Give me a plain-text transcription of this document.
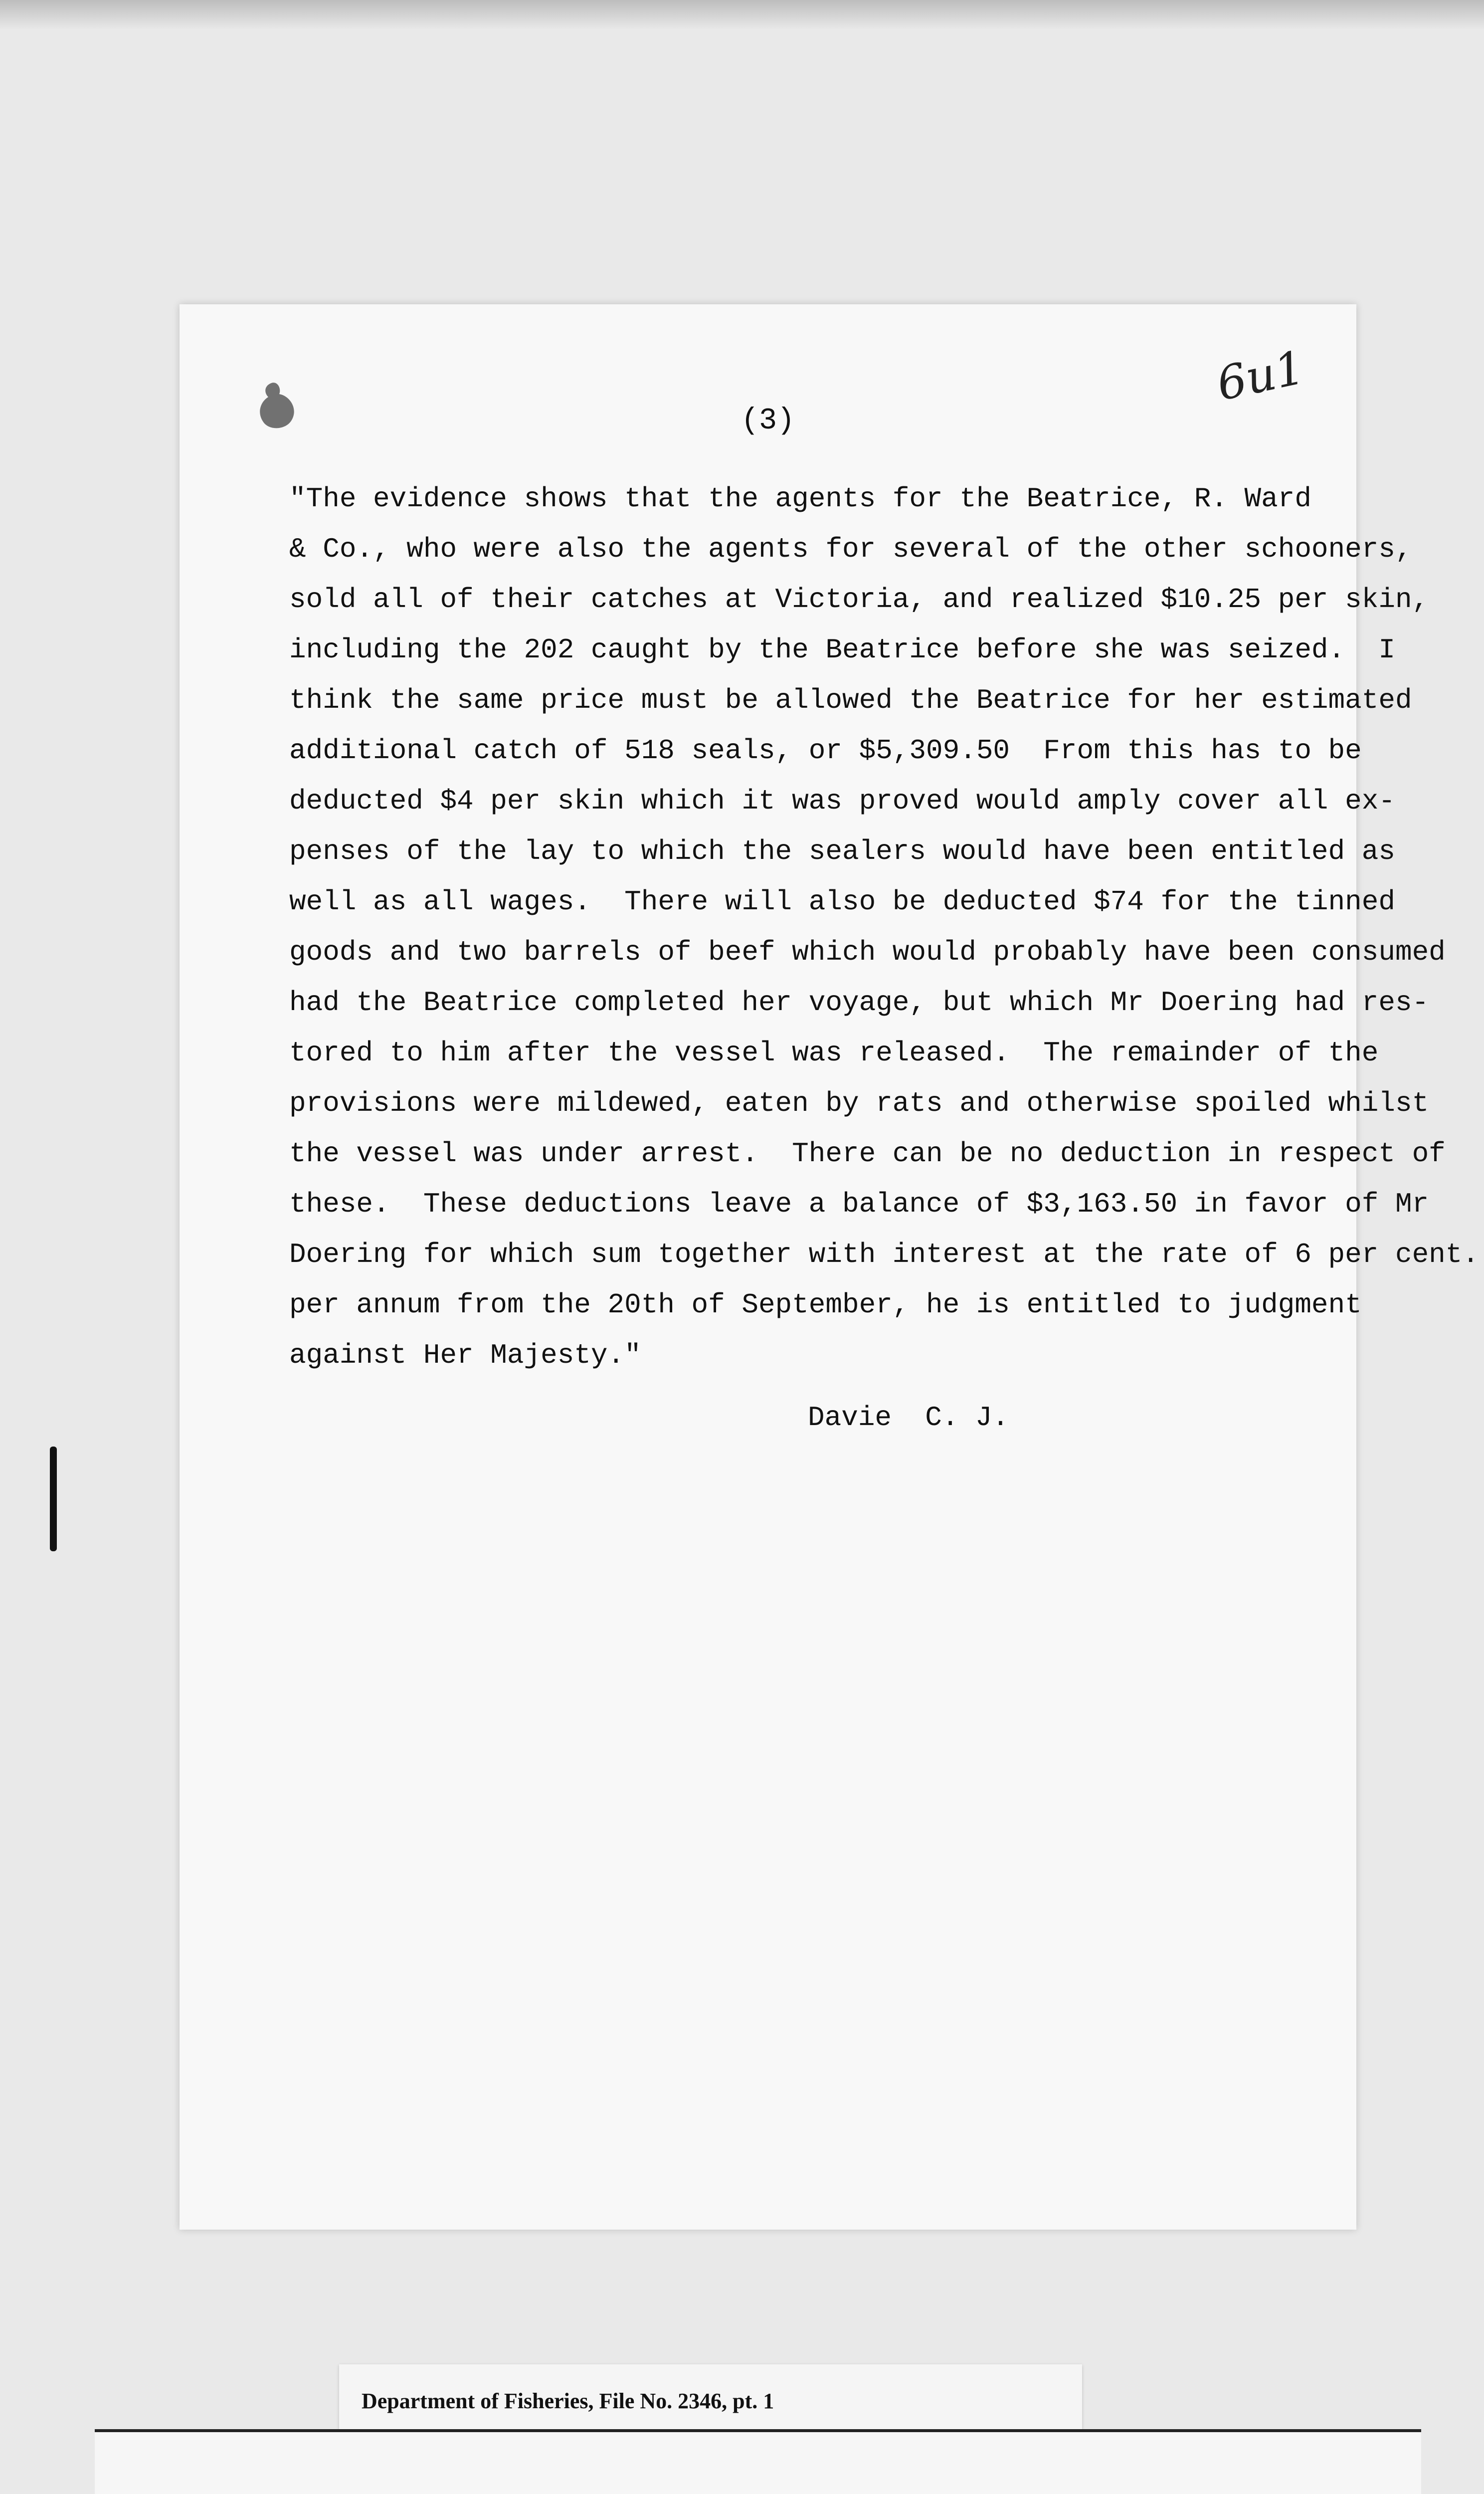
6u1
(3)
"The evidence shows that the agents for the Beatrice, R. Ward
& Co., who were also the agents for several of the other schooners,
sold all of their catches at Victoria, and realized $10.25 per skin,
including the 202 caught by the Beatrice before she was seized.  I
think the same price must be allowed the Beatrice for her estimated
additional catch of 518 seals, or $5,309.50  From this has to be
deducted $4 per skin which it was proved would amply cover all ex-
penses of the lay to which the sealers would have been entitled as
well as all wages.  There will also be deducted $74 for the tinned
goods and two barrels of beef which would probably have been consumed
had the Beatrice completed her voyage, but which Mr Doering had res-
tored to him after the vessel was released.  The remainder of the
provisions were mildewed, eaten by rats and otherwise spoiled whilst
the vessel was under arrest.  There can be no deduction in respect of
these.  These deductions leave a balance of $3,163.50 in favor of Mr
Doering for which sum together with interest at the rate of 6 per cent.
per annum from the 20th of September, he is entitled to judgment
against Her Majesty."
Davie  C. J.
Department of Fisheries, File No. 2346, pt. 1
